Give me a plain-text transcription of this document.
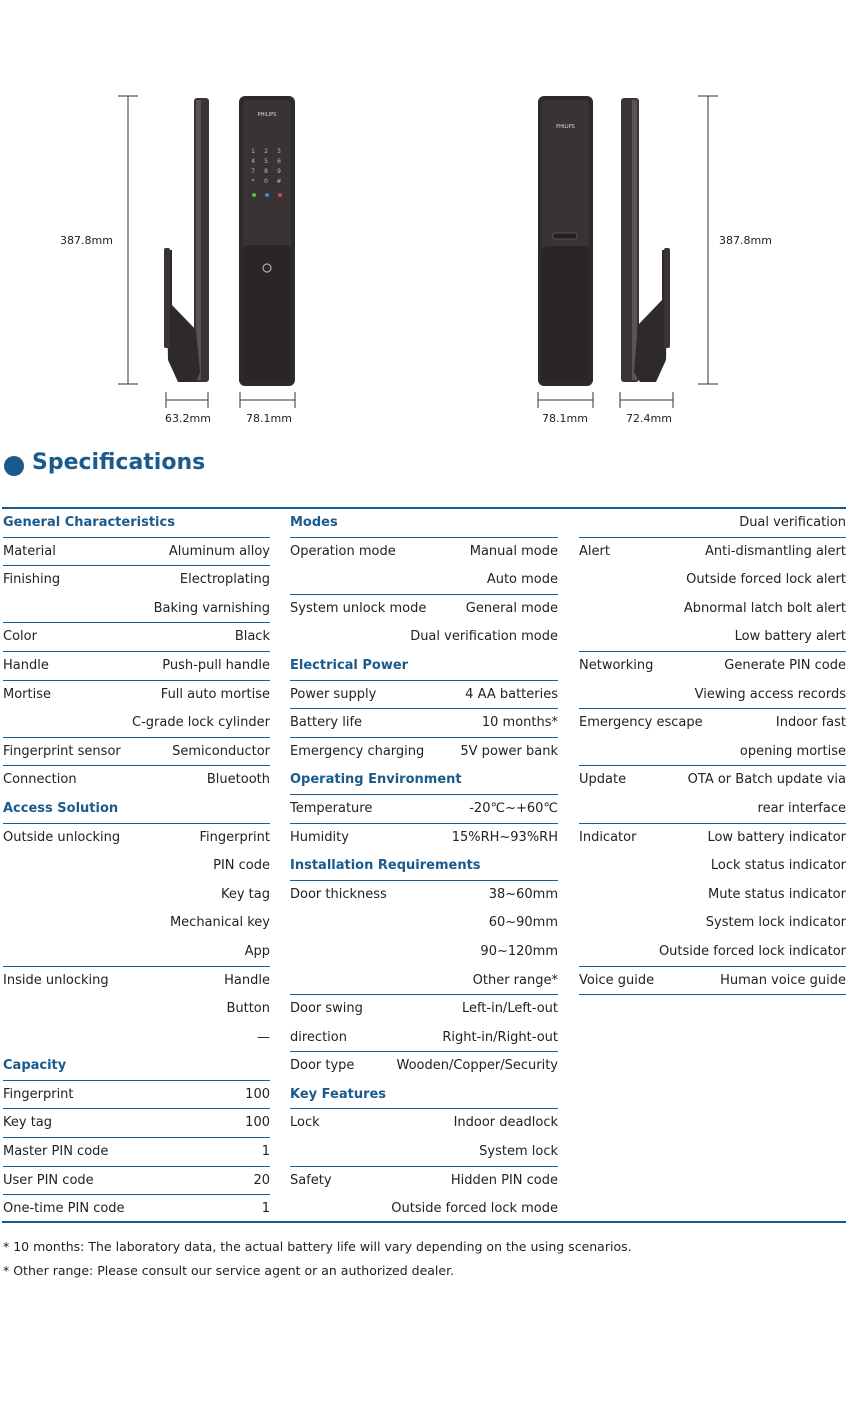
PHILIPS
PHILIPS
1	2	3
4	5	6
7	8	9
*	0	#
387.8mm
63.2mm	78.1mm
387.8mm
78.1mm	72.4mm
Specifications
General Characteristics
Material	Aluminum alloy
Finishing	Electroplating
Baking varnishing
Color	Black
Handle	Push-pull handle
Mortise	Full auto mortise
C-grade lock cylinder
Fingerprint sensor	Semiconductor
Connection	Bluetooth
Access Solution
Outside unlocking	Fingerprint
PIN code
Key tag
Mechanical key
App
Inside unlocking	Handle
Button
—
Capacity
Fingerprint	100
Key tag	100
Master PIN code	1
User PIN code	20
One-time PIN code	1
Modes
Operation mode	Manual mode
Auto mode
System unlock mode	General mode
Dual verification mode
Electrical Power
Power supply	4 AA batteries
Battery life	10 months*
Emergency charging	5V power bank
Operating Environment
Temperature	-20℃~+60℃
Humidity	15%RH~93%RH
Installation Requirements
Door thickness	38~60mm
60~90mm
90~120mm
Other range*
Door swing	Left-in/Left-out
direction	Right-in/Right-out
Door type	Wooden/Copper/Security
Key Features
Lock	Indoor deadlock
System lock
Safety	Hidden PIN code
Outside forced lock mode
Dual verification
Alert	Anti-dismantling alert
Outside forced lock alert
Abnormal latch bolt alert
Low battery alert
Networking	Generate PIN code
Viewing access records
Emergency escape	Indoor fast
opening mortise
Update	OTA or Batch update via
rear interface
Indicator	Low battery indicator
Lock status indicator
Mute status indicator
System lock indicator
Outside forced lock indicator
Voice guide	Human voice guide
* 10 months: The laboratory data, the actual battery life will vary depending on the using scenarios.
* Other range: Please consult our service agent or an authorized dealer.
